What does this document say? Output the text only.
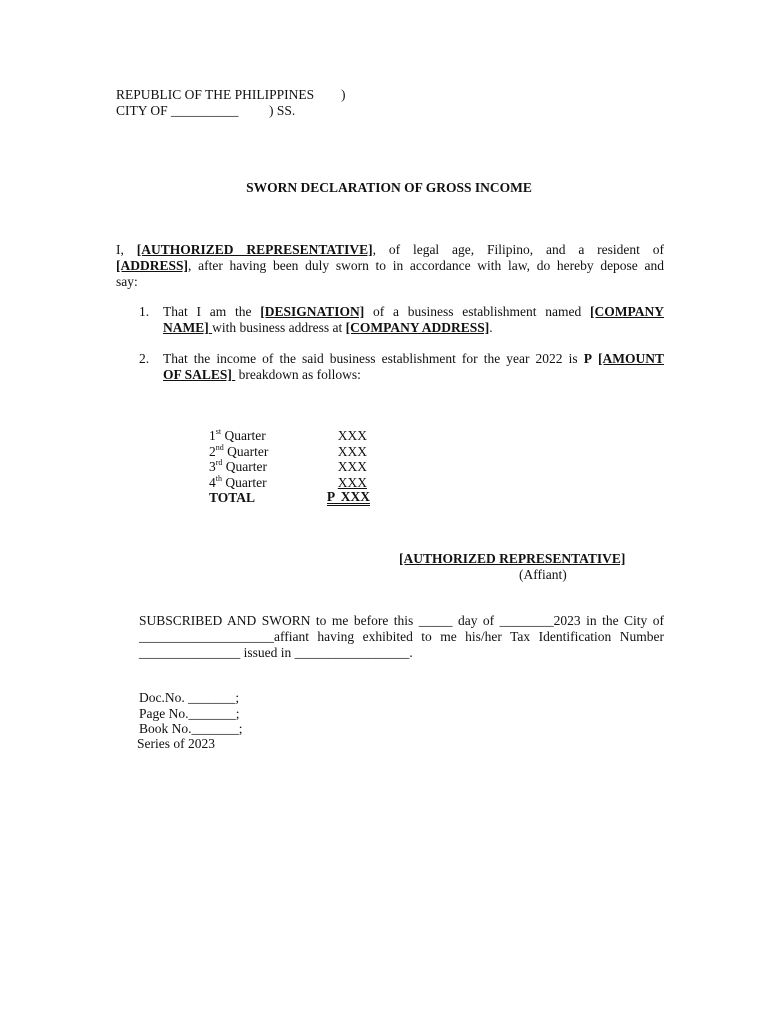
REPUBLIC OF THE PHILIPPINES )
CITY OF __________ ) SS.
SWORN DECLARATION OF GROSS INCOME
I, [AUTHORIZED REPRESENTATIVE], of legal age, Filipino, and a resident of
[ADDRESS], after having been duly sworn to in accordance with law, do hereby depose and
say:
1. That I am the [DESIGNATION] of a business establishment named [COMPANY
NAME] with business address at [COMPANY ADDRESS].
2. That the income of the said business establishment for the year 2022 is P [AMOUNT
OF SALES] breakdown as follows:
1st Quarter	XXX
2nd Quarter	XXX
3rd Quarter	XXX
4th Quarter	XXX
TOTAL	P XXX
[AUTHORIZED REPRESENTATIVE]
(Affiant)
SUBSCRIBED AND SWORN to me before this _____ day of ________2023 in the City of
____________________affiant having exhibited to me his/her Tax Identification Number
_______________ issued in _________________.
Doc.No. _______;
Page No._______;
Book No._______;
Series of 2023
